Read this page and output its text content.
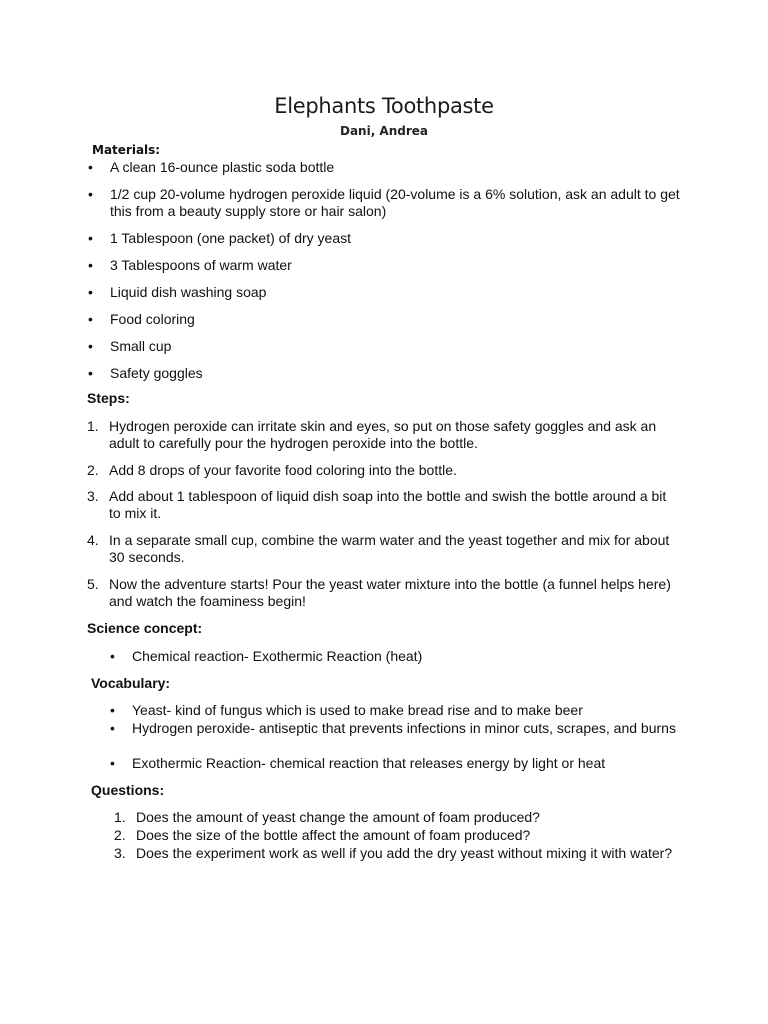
Elephants Toothpaste
Dani, Andrea
Materials:
• A clean 16-ounce plastic soda bottle
• 1/2 cup 20-volume hydrogen peroxide liquid (20-volume is a 6% solution, ask an adult to get this from a beauty supply store or hair salon)
• 1 Tablespoon (one packet) of dry yeast
• 3 Tablespoons of warm water
• Liquid dish washing soap
• Food coloring
• Small cup
• Safety goggles
Steps:
1. Hydrogen peroxide can irritate skin and eyes, so put on those safety goggles and ask an adult to carefully pour the hydrogen peroxide into the bottle.
2. Add 8 drops of your favorite food coloring into the bottle.
3. Add about 1 tablespoon of liquid dish soap into the bottle and swish the bottle around a bit to mix it.
4. In a separate small cup, combine the warm water and the yeast together and mix for about 30 seconds.
5. Now the adventure starts! Pour the yeast water mixture into the bottle (a funnel helps here) and watch the foaminess begin!
Science concept:
• Chemical reaction- Exothermic Reaction (heat)
Vocabulary:
• Yeast- kind of fungus which is used to make bread rise and to make beer
• Hydrogen peroxide- antiseptic that prevents infections in minor cuts, scrapes, and burns
• Exothermic Reaction- chemical reaction that releases energy by light or heat
Questions:
1. Does the amount of yeast change the amount of foam produced?
2. Does the size of the bottle affect the amount of foam produced?
3. Does the experiment work as well if you add the dry yeast without mixing it with water?
